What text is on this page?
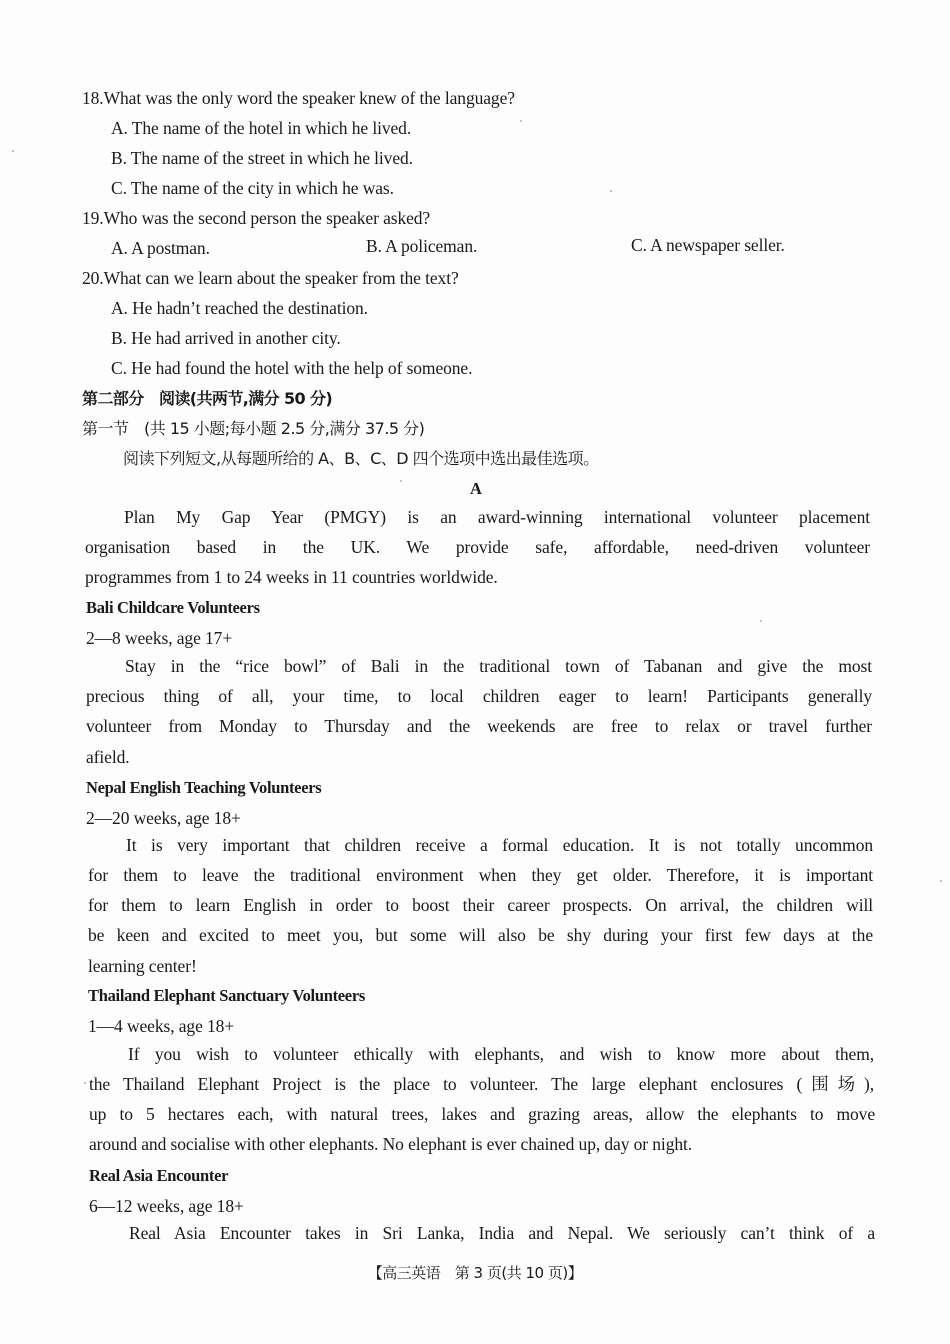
18.What was the only word the speaker knew of the language?
A. The name of the hotel in which he lived.
B. The name of the street in which he lived.
C. The name of the city in which he was.
19.Who was the second person the speaker asked?
A. A postman.	B. A policeman.	C. A newspaper seller.
20.What can we learn about the speaker from the text?
A. He hadn’t reached the destination.
B. He had arrived in another city.
C. He had found the hotel with the help of someone.
第二部分　阅读(共两节,满分 50 分)
第一节　(共 15 小题;每小题 2.5 分,满分 37.5 分)
阅读下列短文,从每题所给的 A、B、C、D 四个选项中选出最佳选项。
A
Plan My Gap Year (PMGY) is an award-winning international volunteer placement
organisation based in the UK. We provide safe, affordable, need-driven volunteer
programmes from 1 to 24 weeks in 11 countries worldwide.
Bali Childcare Volunteers
2—8 weeks, age 17+
Stay in the “rice bowl” of Bali in the traditional town of Tabanan and give the most
precious thing of all, your time, to local children eager to learn! Participants generally
volunteer from Monday to Thursday and the weekends are free to relax or travel further
afield.
Nepal English Teaching Volunteers
2—20 weeks, age 18+
It is very important that children receive a formal education. It is not totally uncommon
for them to leave the traditional environment when they get older. Therefore, it is important
for them to learn English in order to boost their career prospects. On arrival, the children will
be keen and excited to meet you, but some will also be shy during your first few days at the
learning center!
Thailand Elephant Sanctuary Volunteers
1—4 weeks, age 18+
If you wish to volunteer ethically with elephants, and wish to know more about them,
the Thailand Elephant Project is the place to volunteer. The large elephant enclosures (围场),
up to 5 hectares each, with natural trees, lakes and grazing areas, allow the elephants to move
around and socialise with other elephants. No elephant is ever chained up, day or night.
Real Asia Encounter
6—12 weeks, age 18+
Real Asia Encounter takes in Sri Lanka, India and Nepal. We seriously can’t think of a
【高三英语　第 3 页(共 10 页)】
